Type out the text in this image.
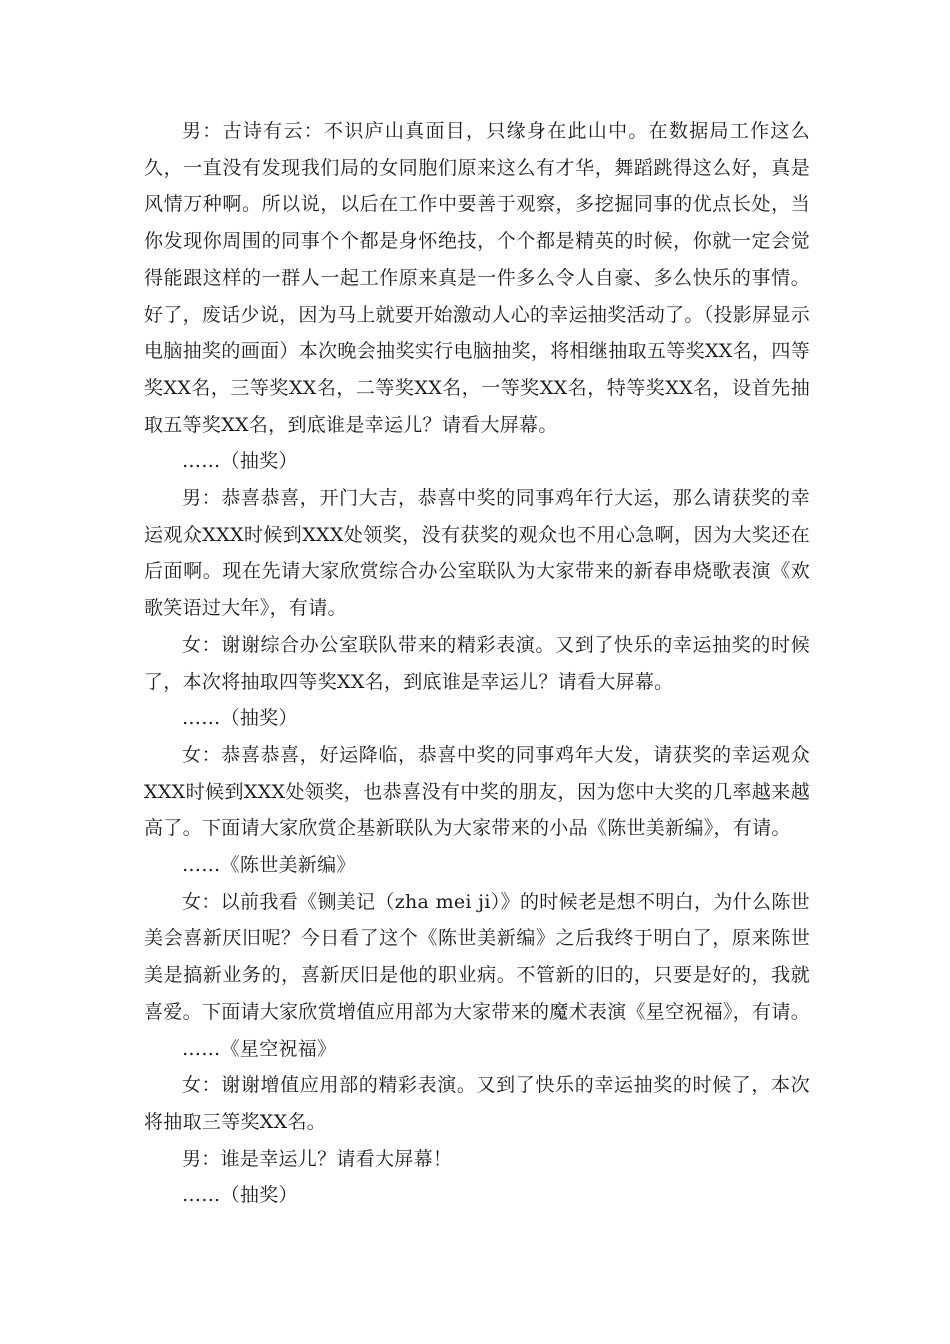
男：古诗有云：不识庐山真面目，只缘身在此山中。在数据局工作这么久，一直没有发现我们局的女同胞们原来这么有才华，舞蹈跳得这么好，真是风情万种啊。所以说，以后在工作中要善于观察，多挖掘同事的优点长处，当你发现你周围的同事个个都是身怀绝技，个个都是精英的时候，你就一定会觉得能跟这样的一群人一起工作原来真是一件多么令人自豪、多么快乐的事情。好了，废话少说，因为马上就要开始激动人心的幸运抽奖活动了。（投影屏显示电脑抽奖的画面）本次晚会抽奖实行电脑抽奖，将相继抽取五等奖XX名，四等奖XX名，三等奖XX名，二等奖XX名，一等奖XX名，特等奖XX名，设首先抽取五等奖XX名，到底谁是幸运儿？请看大屏幕。

……（抽奖）

男：恭喜恭喜，开门大吉，恭喜中奖的同事鸡年行大运，那么请获奖的幸运观众XXX时候到XXX处领奖，没有获奖的观众也不用心急啊，因为大奖还在后面啊。现在先请大家欣赏综合办公室联队为大家带来的新春串烧歌表演《欢歌笑语过大年》，有请。

女：谢谢综合办公室联队带来的精彩表演。又到了快乐的幸运抽奖的时候了，本次将抽取四等奖XX名，到底谁是幸运儿？请看大屏幕。

……（抽奖）

女：恭喜恭喜，好运降临，恭喜中奖的同事鸡年大发，请获奖的幸运观众XXX时候到XXX处领奖，也恭喜没有中奖的朋友，因为您中大奖的几率越来越高了。下面请大家欣赏企基新联队为大家带来的小品《陈世美新编》，有请。

……《陈世美新编》

女：以前我看《铡美记（zha mei ji）》的时候老是想不明白，为什么陈世美会喜新厌旧呢？今日看了这个《陈世美新编》之后我终于明白了，原来陈世美是搞新业务的，喜新厌旧是他的职业病。不管新的旧的，只要是好的，我就喜爱。下面请大家欣赏增值应用部为大家带来的魔术表演《星空祝福》，有请。

……《星空祝福》

女：谢谢增值应用部的精彩表演。又到了快乐的幸运抽奖的时候了，本次将抽取三等奖XX名。

男：谁是幸运儿？请看大屏幕！

……（抽奖）
